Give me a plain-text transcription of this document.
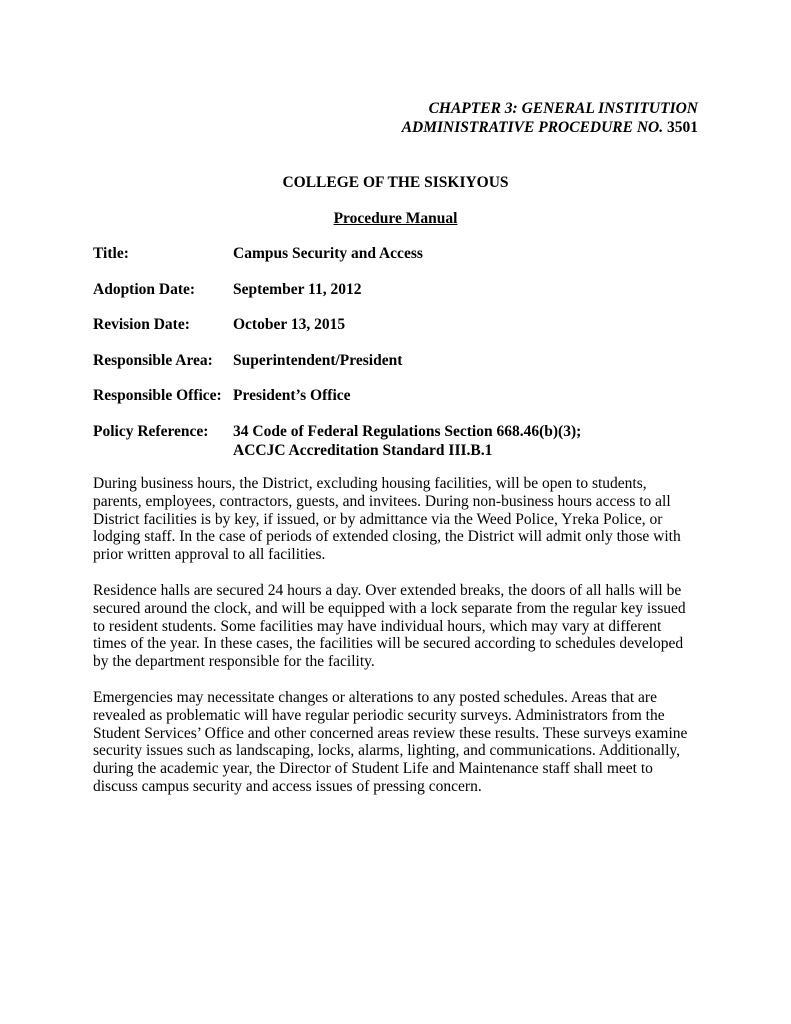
CHAPTER 3: GENERAL INSTITUTION
ADMINISTRATIVE PROCEDURE NO. 3501
COLLEGE OF THE SISKIYOUS
Procedure Manual
Title:	Campus Security and Access
Adoption Date: September 11, 2012
Revision Date:	October 13, 2015
Responsible Area: Superintendent/President
Responsible Office: President’s Office
Policy Reference: 34 Code of Federal Regulations Section 668.46(b)(3);
ACCJC Accreditation Standard III.B.1

During business hours, the District, excluding housing facilities, will be open to students,

parents, employees, contractors, guests, and invitees. During non-business hours access to all

District facilities is by key, if issued, or by admittance via the Weed Police, Yreka Police, or

lodging staff. In the case of periods of extended closing, the District will admit only those with

prior written approval to all facilities.

Residence halls are secured 24 hours a day. Over extended breaks, the doors of all halls will be

secured around the clock, and will be equipped with a lock separate from the regular key issued

to resident students. Some facilities may have individual hours, which may vary at different

times of the year. In these cases, the facilities will be secured according to schedules developed

by the department responsible for the facility.

Emergencies may necessitate changes or alterations to any posted schedules. Areas that are

revealed as problematic will have regular periodic security surveys. Administrators from the

Student Services’ Office and other concerned areas review these results. These surveys examine

security issues such as landscaping, locks, alarms, lighting, and communications. Additionally,

during the academic year, the Director of Student Life and Maintenance staff shall meet to

discuss campus security and access issues of pressing concern.
